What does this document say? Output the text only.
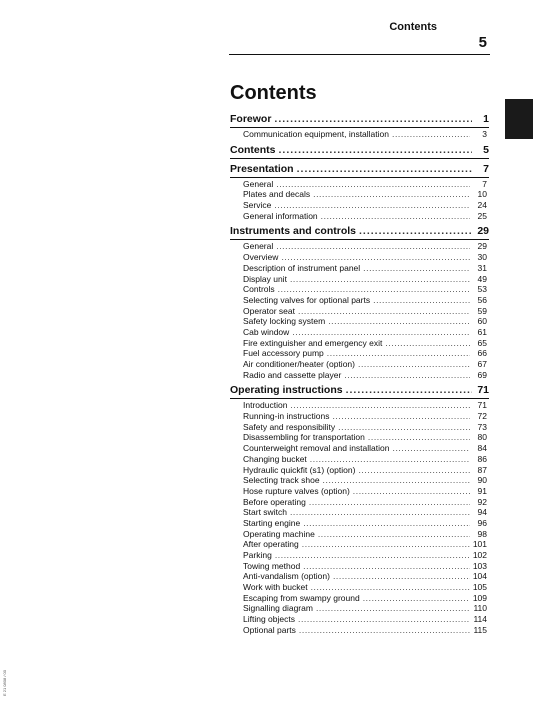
Contents
5
E 21 0808 / 00
Contents
Forewor .....	1
Communication equipment, installation .....	3
Contents .....	5
Presentation .....	7
General .....	7
Plates and decals .....	10
Service .....	24
General information .....	25
Instruments and controls .....	29
General .....	29
Overview .....	30
Description of instrument panel .....	31
Display unit .....	49
Controls .....	53
Selecting valves for optional parts .....	56
Operator seat .....	59
Safety locking system .....	60
Cab window .....	61
Fire extinguisher and emergency exit .....	65
Fuel accessory pump .....	66
Air conditioner/heater (option) .....	67
Radio and cassette player .....	69
Operating instructions .....	71
Introduction .....	71
Running-in instructions .....	72
Safety and responsibility .....	73
Disassembling for transportation .....	80
Counterweight removal and installation .....	84
Changing bucket .....	86
Hydraulic quickfit (s1) (option) .....	87
Selecting track shoe .....	90
Hose rupture valves (option) .....	91
Before operating .....	92
Start switch .....	94
Starting engine .....	96
Operating machine .....	98
After operating .....	101
Parking .....	102
Towing method .....	103
Anti-vandalism (option) .....	104
Work with bucket .....	105
Escaping from swampy ground .....	109
Signalling diagram .....	110
Lifting objects .....	114
Optional parts .....	115
